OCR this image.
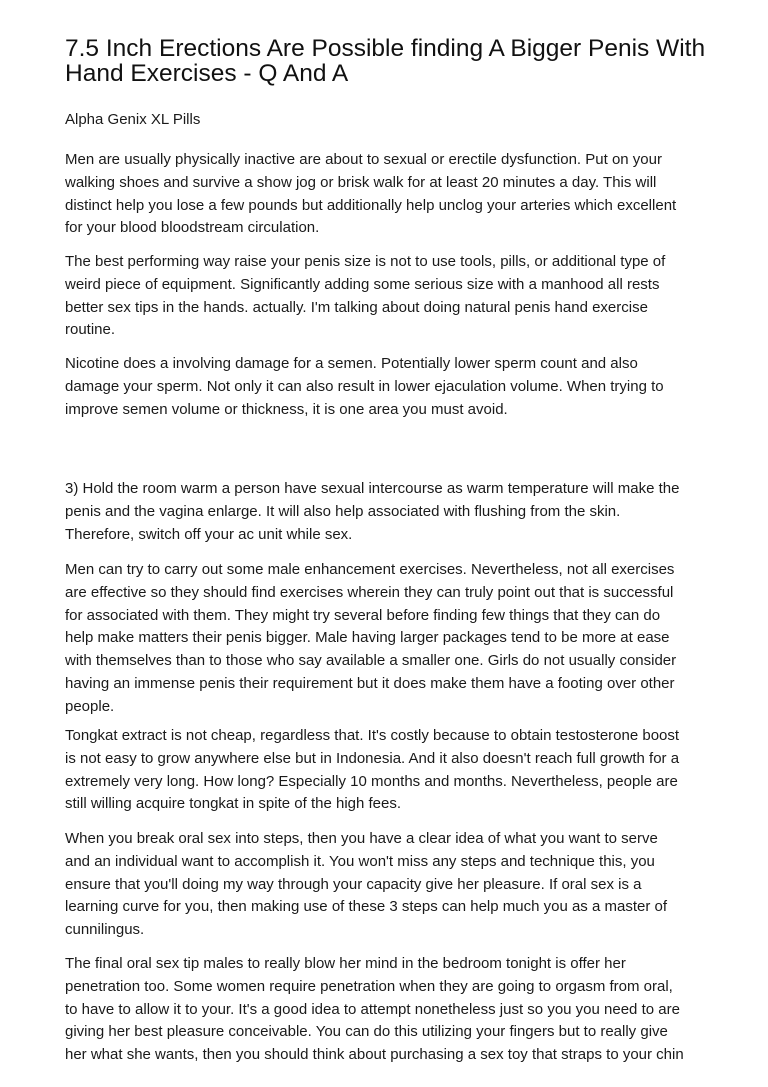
7.5 Inch Erections Are Possible finding A Bigger Penis With
Hand Exercises - Q And A

Alpha Genix XL Pills

Men are usually physically inactive are about to sexual or erectile dysfunction. Put on your
walking shoes and survive a show jog or brisk walk for at least 20 minutes a day. This will
distinct help you lose a few pounds but additionally help unclog your arteries which excellent
for your blood bloodstream circulation.

The best performing way raise your penis size is not to use tools, pills, or additional type of
weird piece of equipment. Significantly adding some serious size with a manhood all rests
better sex tips in the hands. actually. I'm talking about doing natural penis hand exercise
routine.

Nicotine does a involving damage for a semen. Potentially lower sperm count and also
damage your sperm. Not only it can also result in lower ejaculation volume. When trying to
improve semen volume or thickness, it is one area you must avoid.

3) Hold the room warm a person have sexual intercourse as warm temperature will make the
penis and the vagina enlarge. It will also help associated with flushing from the skin.
Therefore, switch off your ac unit while sex.

Men can try to carry out some male enhancement exercises. Nevertheless, not all exercises
are effective so they should find exercises wherein they can truly point out that is successful
for associated with them. They might try several before finding few things that they can do
help make matters their penis bigger. Male having larger packages tend to be more at ease
with themselves than to those who say available a smaller one. Girls do not usually consider
having an immense penis their requirement but it does make them have a footing over other
people.

Tongkat extract is not cheap, regardless that. It's costly because to obtain testosterone boost
is not easy to grow anywhere else but in Indonesia. And it also doesn't reach full growth for a
extremely very long. How long? Especially 10 months and months. Nevertheless, people are
still willing acquire tongkat in spite of the high fees.

When you break oral sex into steps, then you have a clear idea of what you want to serve
and an individual want to accomplish it. You won't miss any steps and technique this, you
ensure that you'll doing my way through your capacity give her pleasure. If oral sex is a
learning curve for you, then making use of these 3 steps can help much you as a master of
cunnilingus.

The final oral sex tip males to really blow her mind in the bedroom tonight is offer her
penetration too. Some women require penetration when they are going to orgasm from oral,
to have to allow it to your. It's a good idea to attempt nonetheless just so you you need to are
giving her best pleasure conceivable. You can do this utilizing your fingers but to really give
her what she wants, then you should think about purchasing a sex toy that straps to your chin
